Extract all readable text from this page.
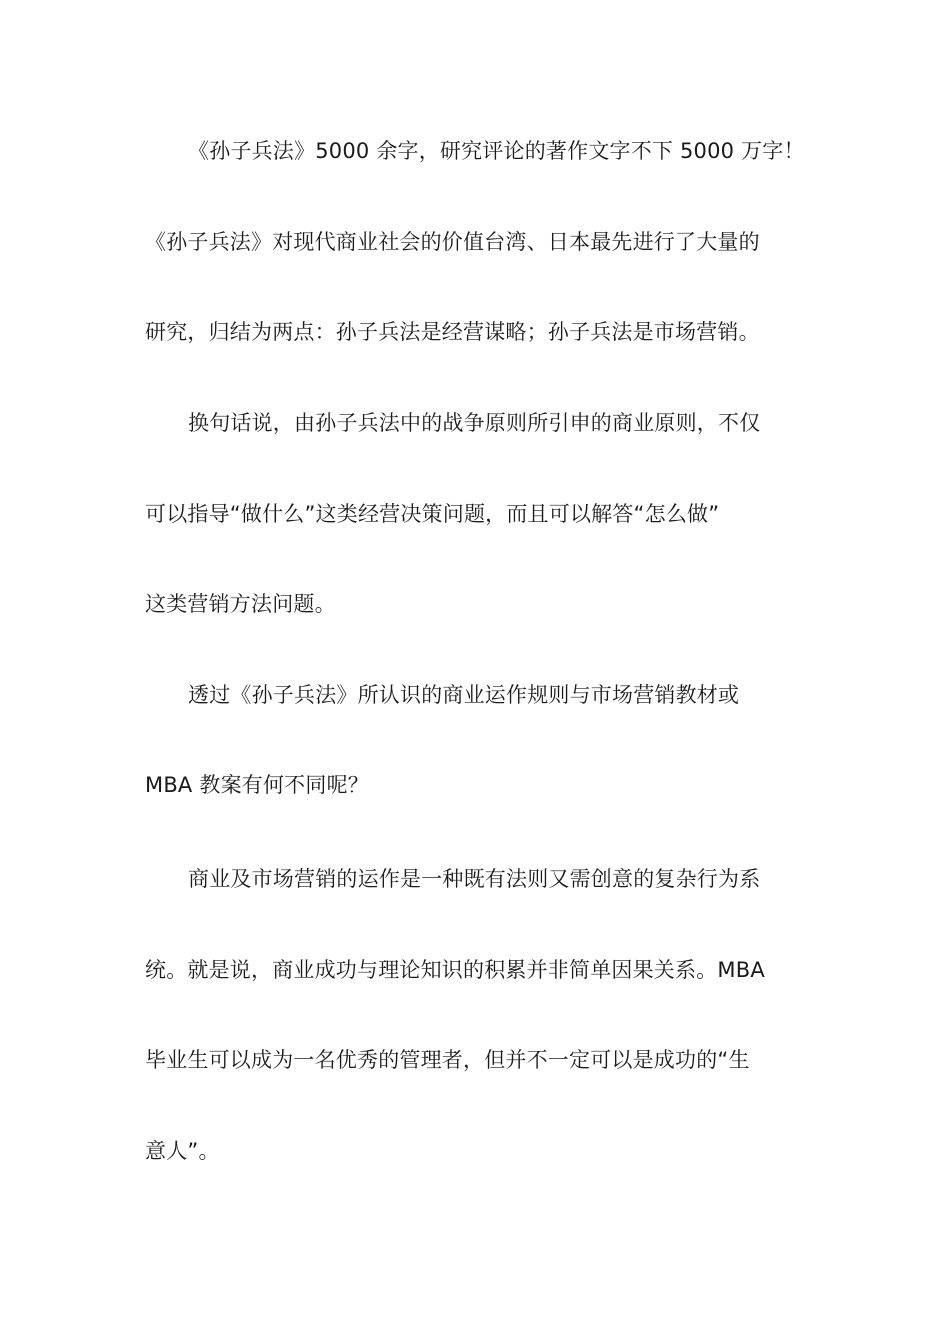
《孙子兵法》5000 余字，研究评论的著作文字不下 5000 万字！
《孙子兵法》对现代商业社会的价值台湾、日本最先进行了大量的
研究，归结为两点：孙子兵法是经营谋略；孙子兵法是市场营销。
换句话说，由孙子兵法中的战争原则所引申的商业原则，不仅
可以指导“做什么”这类经营决策问题，而且可以解答“怎么做”
这类营销方法问题。
透过《孙子兵法》所认识的商业运作规则与市场营销教材或
MBA 教案有何不同呢？
商业及市场营销的运作是一种既有法则又需创意的复杂行为系
统。就是说，商业成功与理论知识的积累并非简单因果关系。MBA
毕业生可以成为一名优秀的管理者，但并不一定可以是成功的“生
意人”。
